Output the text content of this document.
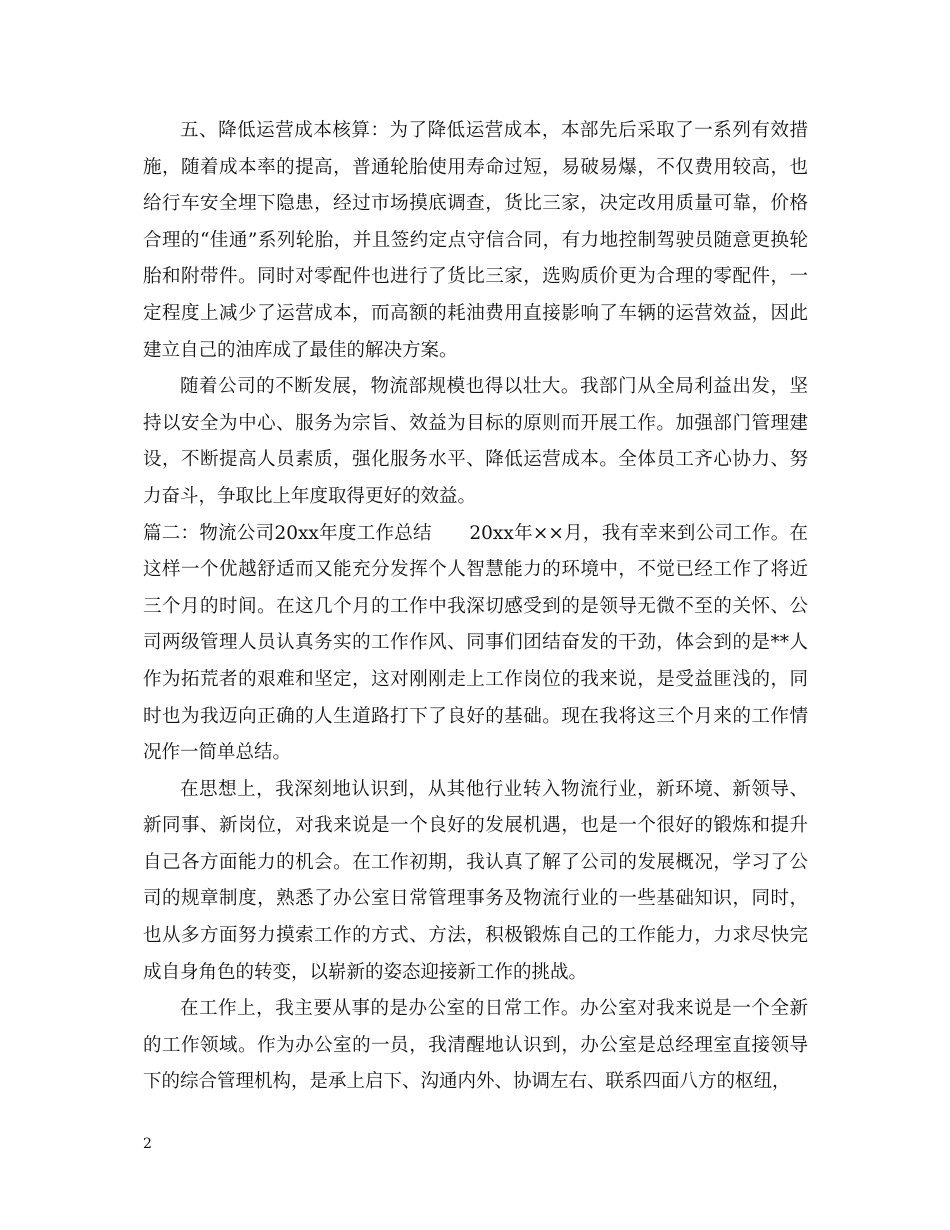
五、降低运营成本核算：为了降低运营成本，本部先后采取了一系列有效措施，随着成本率的提高，普通轮胎使用寿命过短，易破易爆，不仅费用较高，也给行车安全埋下隐患，经过市场摸底调查，货比三家，决定改用质量可靠，价格合理的“佳通”系列轮胎，并且签约定点守信合同，有力地控制驾驶员随意更换轮胎和附带件。同时对零配件也进行了货比三家，选购质价更为合理的零配件，一定程度上减少了运营成本，而高额的耗油费用直接影响了车辆的运营效益，因此建立自己的油库成了最佳的解决方案。

随着公司的不断发展，物流部规模也得以壮大。我部门从全局利益出发，坚持以安全为中心、服务为宗旨、效益为目标的原则而开展工作。加强部门管理建设，不断提高人员素质，强化服务水平、降低运营成本。全体员工齐心协力、努力奋斗，争取比上年度取得更好的效益。

篇二：物流公司20xx年度工作总结　　20xx年××月，我有幸来到公司工作。在这样一个优越舒适而又能充分发挥个人智慧能力的环境中，不觉已经工作了将近三个月的时间。在这几个月的工作中我深切感受到的是领导无微不至的关怀、公司两级管理人员认真务实的工作作风、同事们团结奋发的干劲，体会到的是**人作为拓荒者的艰难和坚定，这对刚刚走上工作岗位的我来说，是受益匪浅的，同时也为我迈向正确的人生道路打下了良好的基础。现在我将这三个月来的工作情况作一简单总结。

在思想上，我深刻地认识到，从其他行业转入物流行业，新环境、新领导、新同事、新岗位，对我来说是一个良好的发展机遇，也是一个很好的锻炼和提升自己各方面能力的机会。在工作初期，我认真了解了公司的发展概况，学习了公司的规章制度，熟悉了办公室日常管理事务及物流行业的一些基础知识，同时，也从多方面努力摸索工作的方式、方法，积极锻炼自己的工作能力，力求尽快完成自身角色的转变，以崭新的姿态迎接新工作的挑战。

在工作上，我主要从事的是办公室的日常工作。办公室对我来说是一个全新的工作领域。作为办公室的一员，我清醒地认识到，办公室是总经理室直接领导下的综合管理机构，是承上启下、沟通内外、协调左右、联系四面八方的枢纽，

2
